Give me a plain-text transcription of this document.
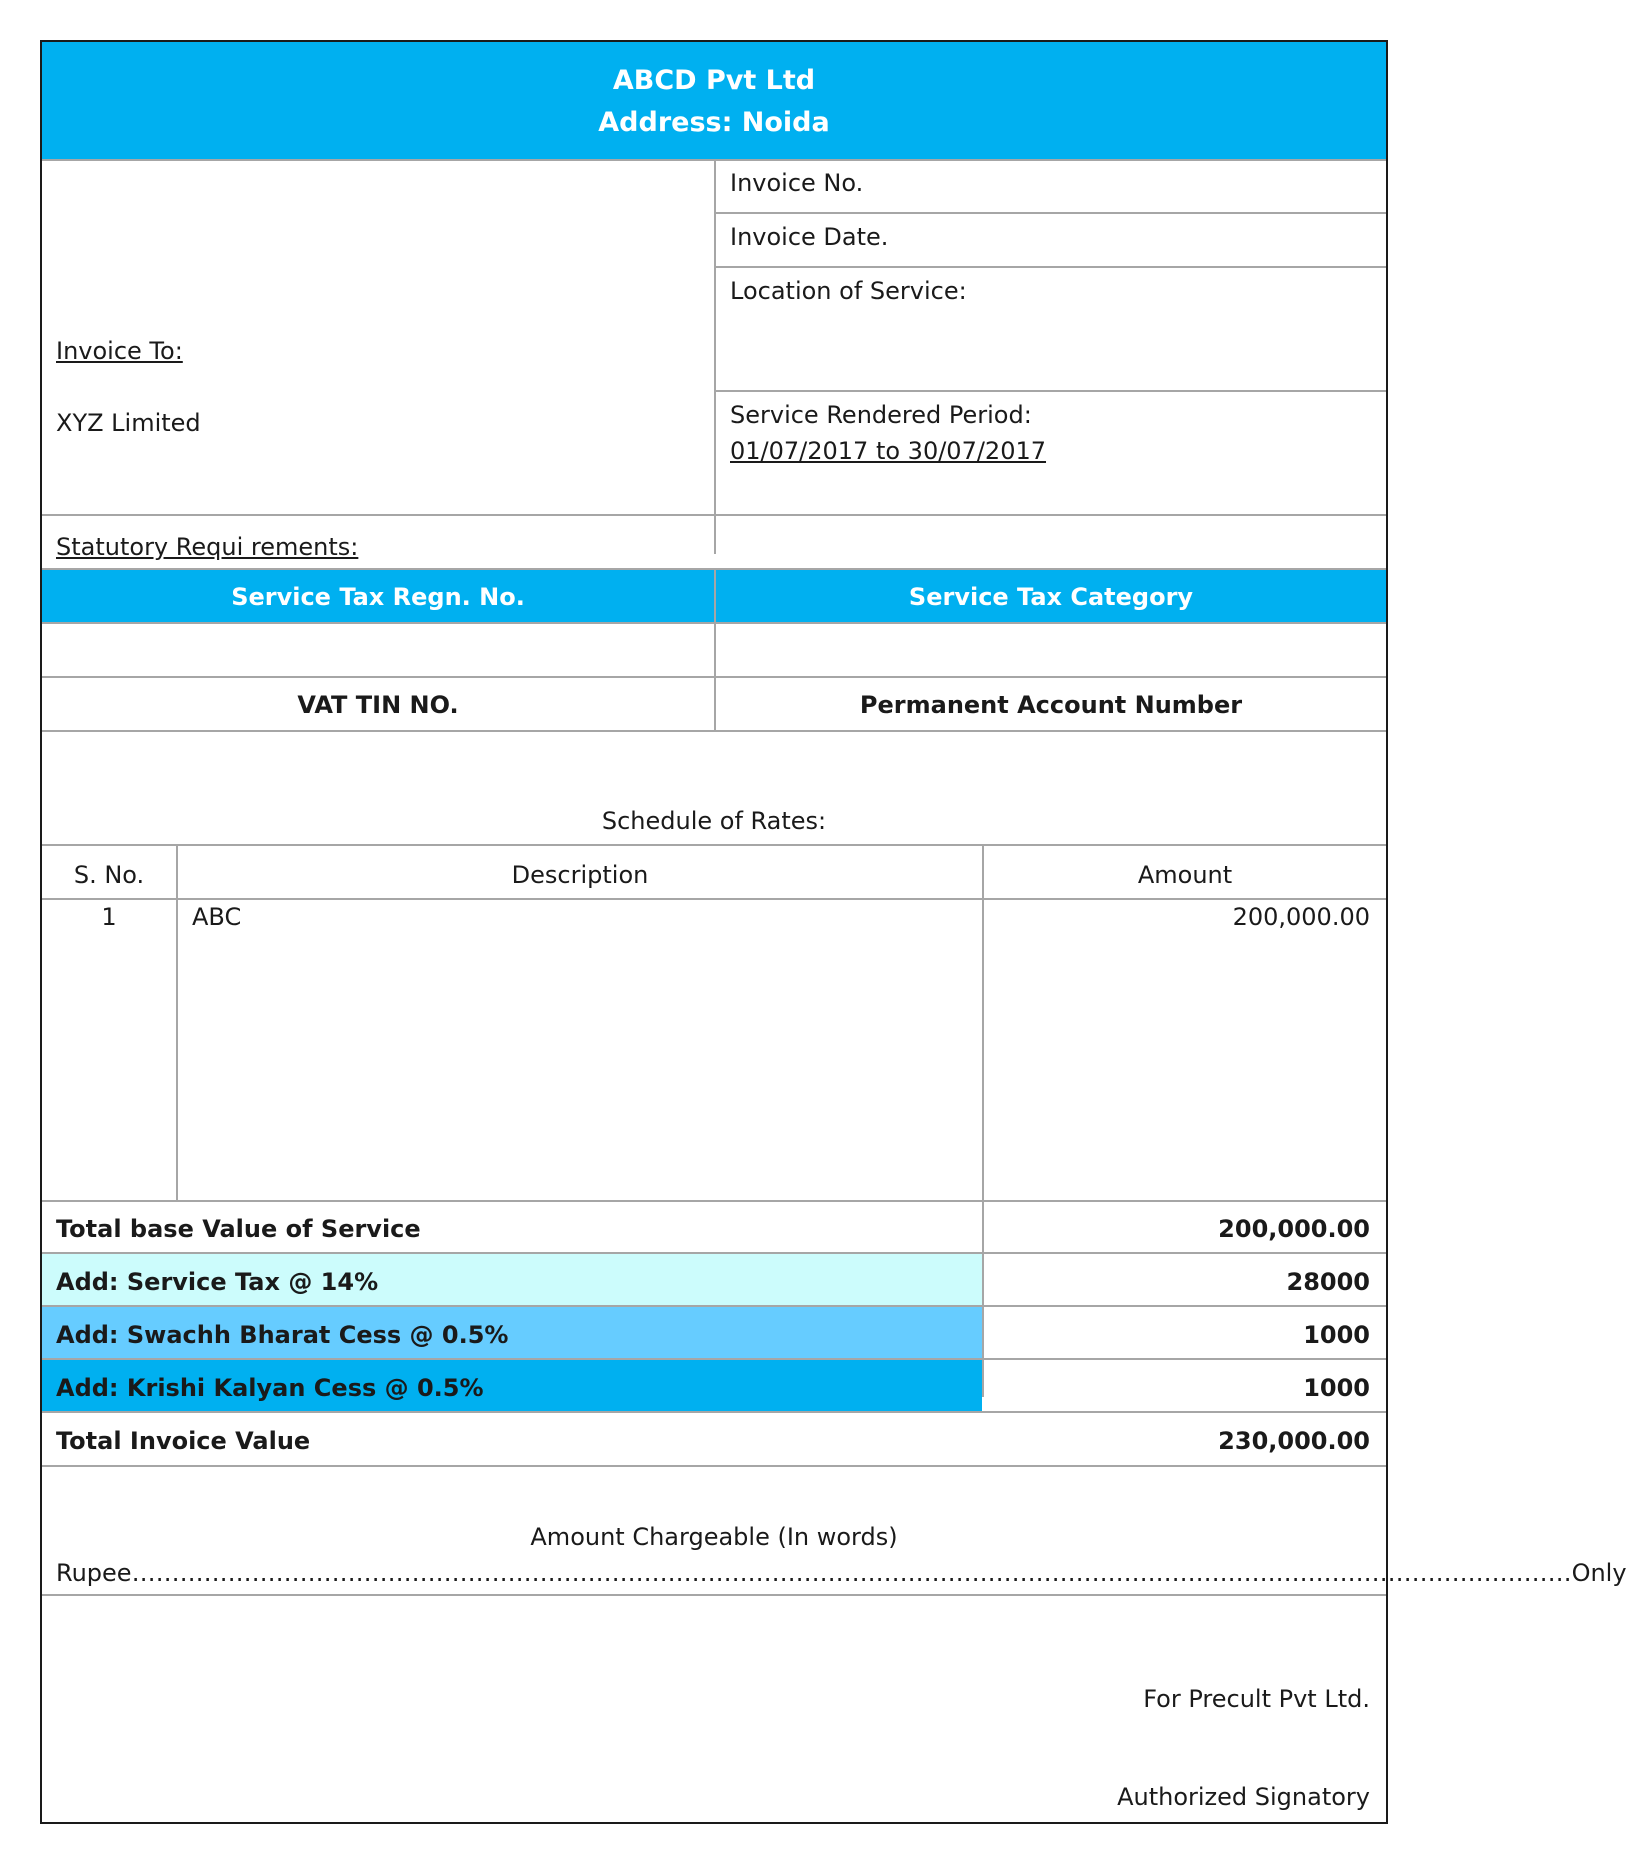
ABCD Pvt Ltd
Address: Noida
Invoice No.
Invoice Date.
Location of Service:
Service Rendered Period:
01/07/2017 to 30/07/2017
Invoice To:
XYZ Limited
Statutory Requi rements:
Service Tax Regn. No.	Service Tax Category
VAT TIN NO.	Permanent Account Number
Schedule of Rates:
S. No.	Description	Amount
1	ABC	200,000.00
Total base Value of Service	200,000.00
Add: Service Tax @ 14%	28000
Add: Swachh Bharat Cess @ 0.5%	1000
Add: Krishi Kalyan Cess @ 0.5%	1000
Total Invoice Value	230,000.00
Amount Chargeable (In words)
Rupee ……………………………………………………………………………………………………………………………………………………………… Only
For Precult Pvt Ltd.
Authorized Signatory
